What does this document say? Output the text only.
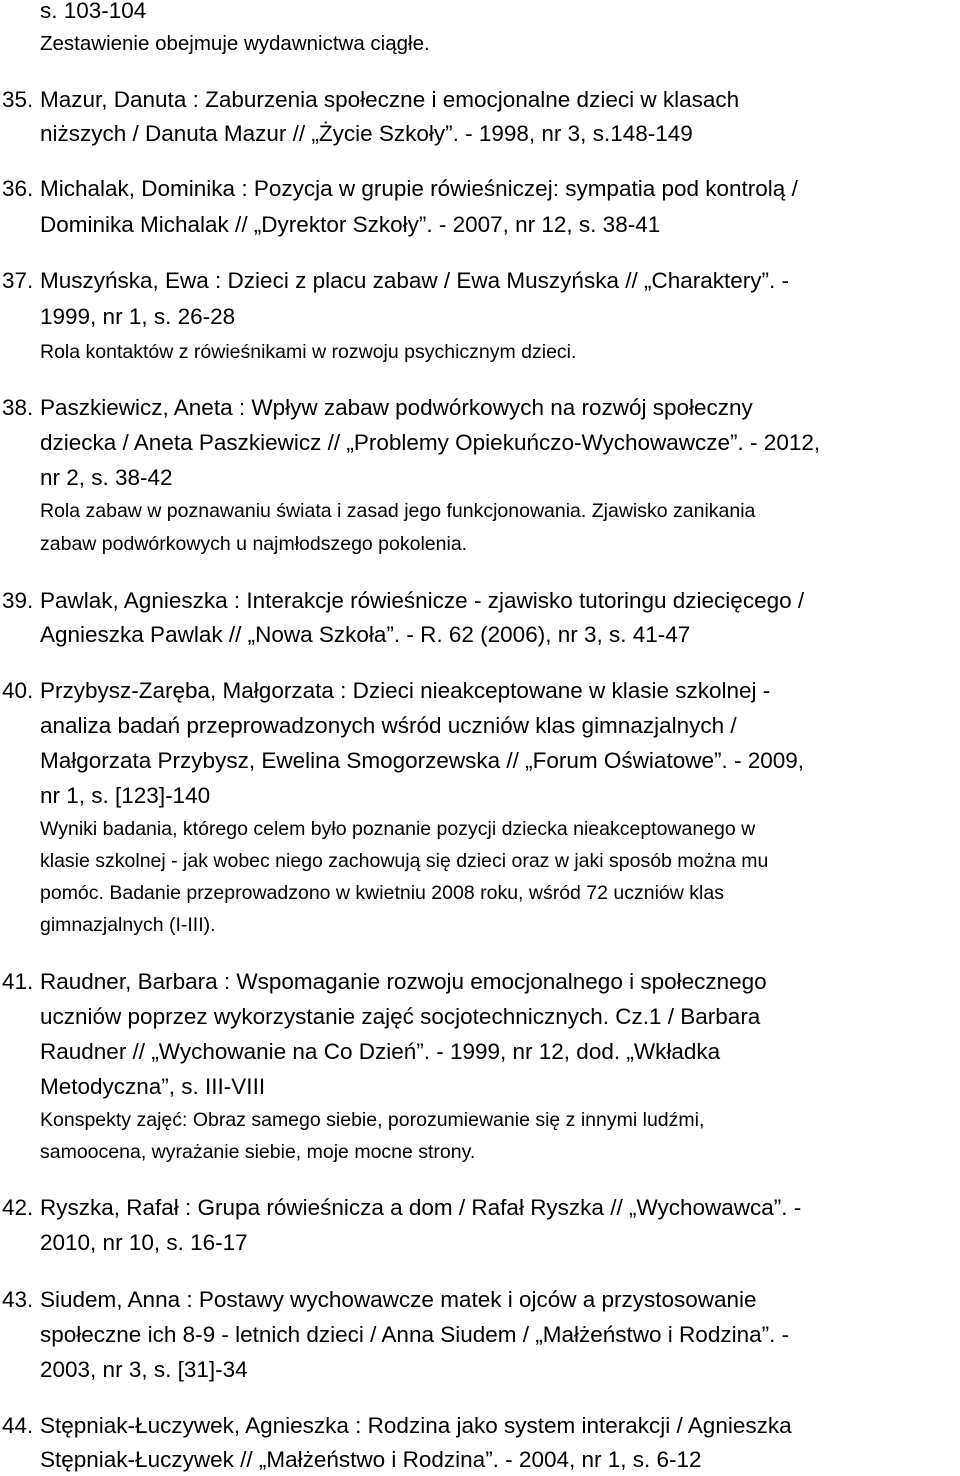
s. 103-104
Zestawienie obejmuje wydawnictwa ciągłe.
35. Mazur, Danuta : Zaburzenia społeczne i emocjonalne dzieci w klasach
niższych / Danuta Mazur // „Życie Szkoły”. - 1998, nr 3, s.148-149
36. Michalak, Dominika : Pozycja w grupie rówieśniczej: sympatia pod kontrolą /
Dominika Michalak // „Dyrektor Szkoły”. - 2007, nr 12, s. 38-41
37. Muszyńska, Ewa : Dzieci z placu zabaw / Ewa Muszyńska // „Charaktery”. -
1999, nr 1, s. 26-28
Rola kontaktów z rówieśnikami w rozwoju psychicznym dzieci.
38. Paszkiewicz, Aneta : Wpływ zabaw podwórkowych na rozwój społeczny
dziecka / Aneta Paszkiewicz // „Problemy Opiekuńczo-Wychowawcze”. - 2012,
nr 2, s. 38-42
Rola zabaw w poznawaniu świata i zasad jego funkcjonowania. Zjawisko zanikania
zabaw podwórkowych u najmłodszego pokolenia.
39. Pawlak, Agnieszka : Interakcje rówieśnicze - zjawisko tutoringu dziecięcego /
Agnieszka Pawlak // „Nowa Szkoła”. - R. 62 (2006), nr 3, s. 41-47
40. Przybysz-Zaręba, Małgorzata : Dzieci nieakceptowane w klasie szkolnej -
analiza badań przeprowadzonych wśród uczniów klas gimnazjalnych /
Małgorzata Przybysz, Ewelina Smogorzewska // „Forum Oświatowe”. - 2009,
nr 1, s. [123]-140
Wyniki badania, którego celem było poznanie pozycji dziecka nieakceptowanego w
klasie szkolnej - jak wobec niego zachowują się dzieci oraz w jaki sposób można mu
pomóc. Badanie przeprowadzono w kwietniu 2008 roku, wśród 72 uczniów klas
gimnazjalnych (I-III).
41. Raudner, Barbara : Wspomaganie rozwoju emocjonalnego i społecznego
uczniów poprzez wykorzystanie zajęć socjotechnicznych. Cz.1 / Barbara
Raudner // „Wychowanie na Co Dzień”. - 1999, nr 12, dod. „Wkładka
Metodyczna”, s. III-VIII
Konspekty zajęć: Obraz samego siebie, porozumiewanie się z innymi ludźmi,
samoocena, wyrażanie siebie, moje mocne strony.
42. Ryszka, Rafał : Grupa rówieśnicza a dom / Rafał Ryszka // „Wychowawca”. -
2010, nr 10, s. 16-17
43. Siudem, Anna : Postawy wychowawcze matek i ojców a przystosowanie
społeczne ich 8-9 - letnich dzieci / Anna Siudem / „Małżeństwo i Rodzina”. -
2003, nr 3, s. [31]-34
44. Stępniak-Łuczywek, Agnieszka : Rodzina jako system interakcji / Agnieszka
Stępniak-Łuczywek // „Małżeństwo i Rodzina”. - 2004, nr 1, s. 6-12
